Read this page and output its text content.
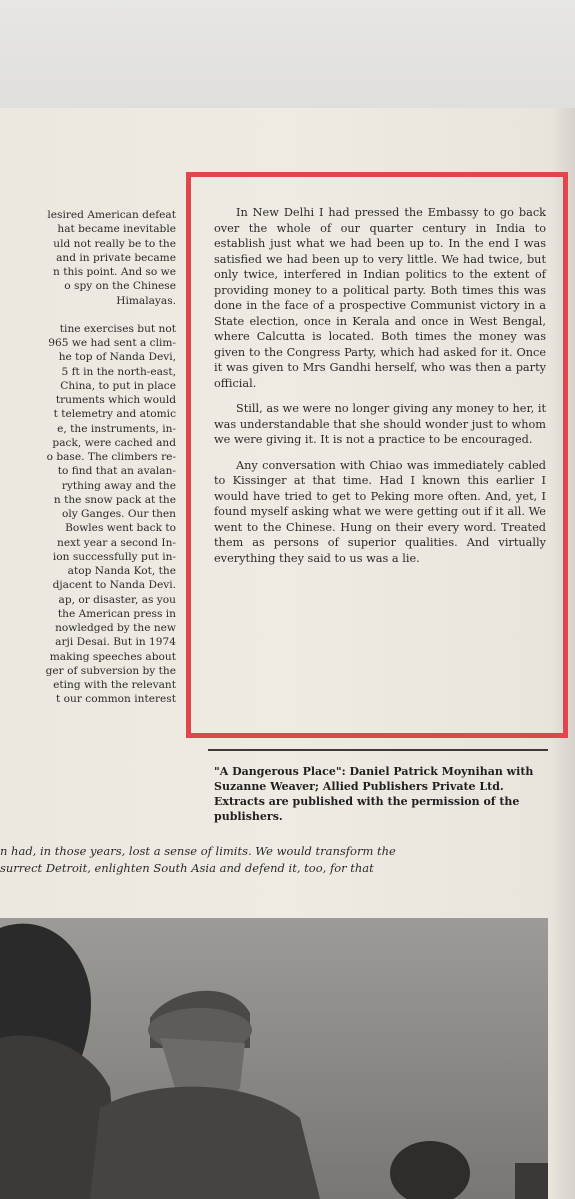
lesired American defeat
hat became inevitable
uld not really be to the
and in private became
n this point. And so we
o spy on the Chinese
Himalayas.
tine exercises but not
965 we had sent a clim-
he top of Nanda Devi,
5 ft in the north-east,
China, to put in place
truments which would
t telemetry and atomic
e, the instruments, in-
pack, were cached and
o base. The climbers re-
to find that an avalan-
rything away and the
n the snow pack at the
oly Ganges. Our then
Bowles went back to
next year a second In-
ion successfully put in-
atop Nanda Kot, the
djacent to Nanda Devi.
ap, or disaster, as you
the American press in
nowledged by the new
arji Desai. But in 1974
making speeches about
ger of subversion by the
eting with the relevant
t our common interest

In New Delhi I had pressed the Embassy to go back over the whole of our quarter century in India to establish just what we had been up to. In the end I was satisfied we had been up to very little. We had twice, but only twice, interfered in Indian politics to the extent of providing money to a political party. Both times this was done in the face of a prospective Communist victory in a State election, once in Kerala and once in West Bengal, where Calcutta is located. Both times the money was given to the Congress Party, which had asked for it. Once it was given to Mrs Gandhi herself, who was then a party official.

Still, as we were no longer giving any money to her, it was understandable that she should wonder just to whom we were giving it. It is not a practice to be encouraged.

Any conversation with Chiao was immediately cabled to Kissinger at that time. Had I known this earlier I would have tried to get to Peking more often. And, yet, I found myself asking what we were getting out if it all. We went to the Chinese. Hung on their every word. Treated them as persons of superior qualities. And virtually everything they said to us was a lie.

"A Dangerous Place": Daniel Patrick Moynihan with Suzanne Weaver; Allied Publishers Private Ltd. Extracts are published with the permission of the publishers.
n had, in those years, lost a sense of limits. We would transform the
surrect Detroit, enlighten South Asia and defend it, too, for that
